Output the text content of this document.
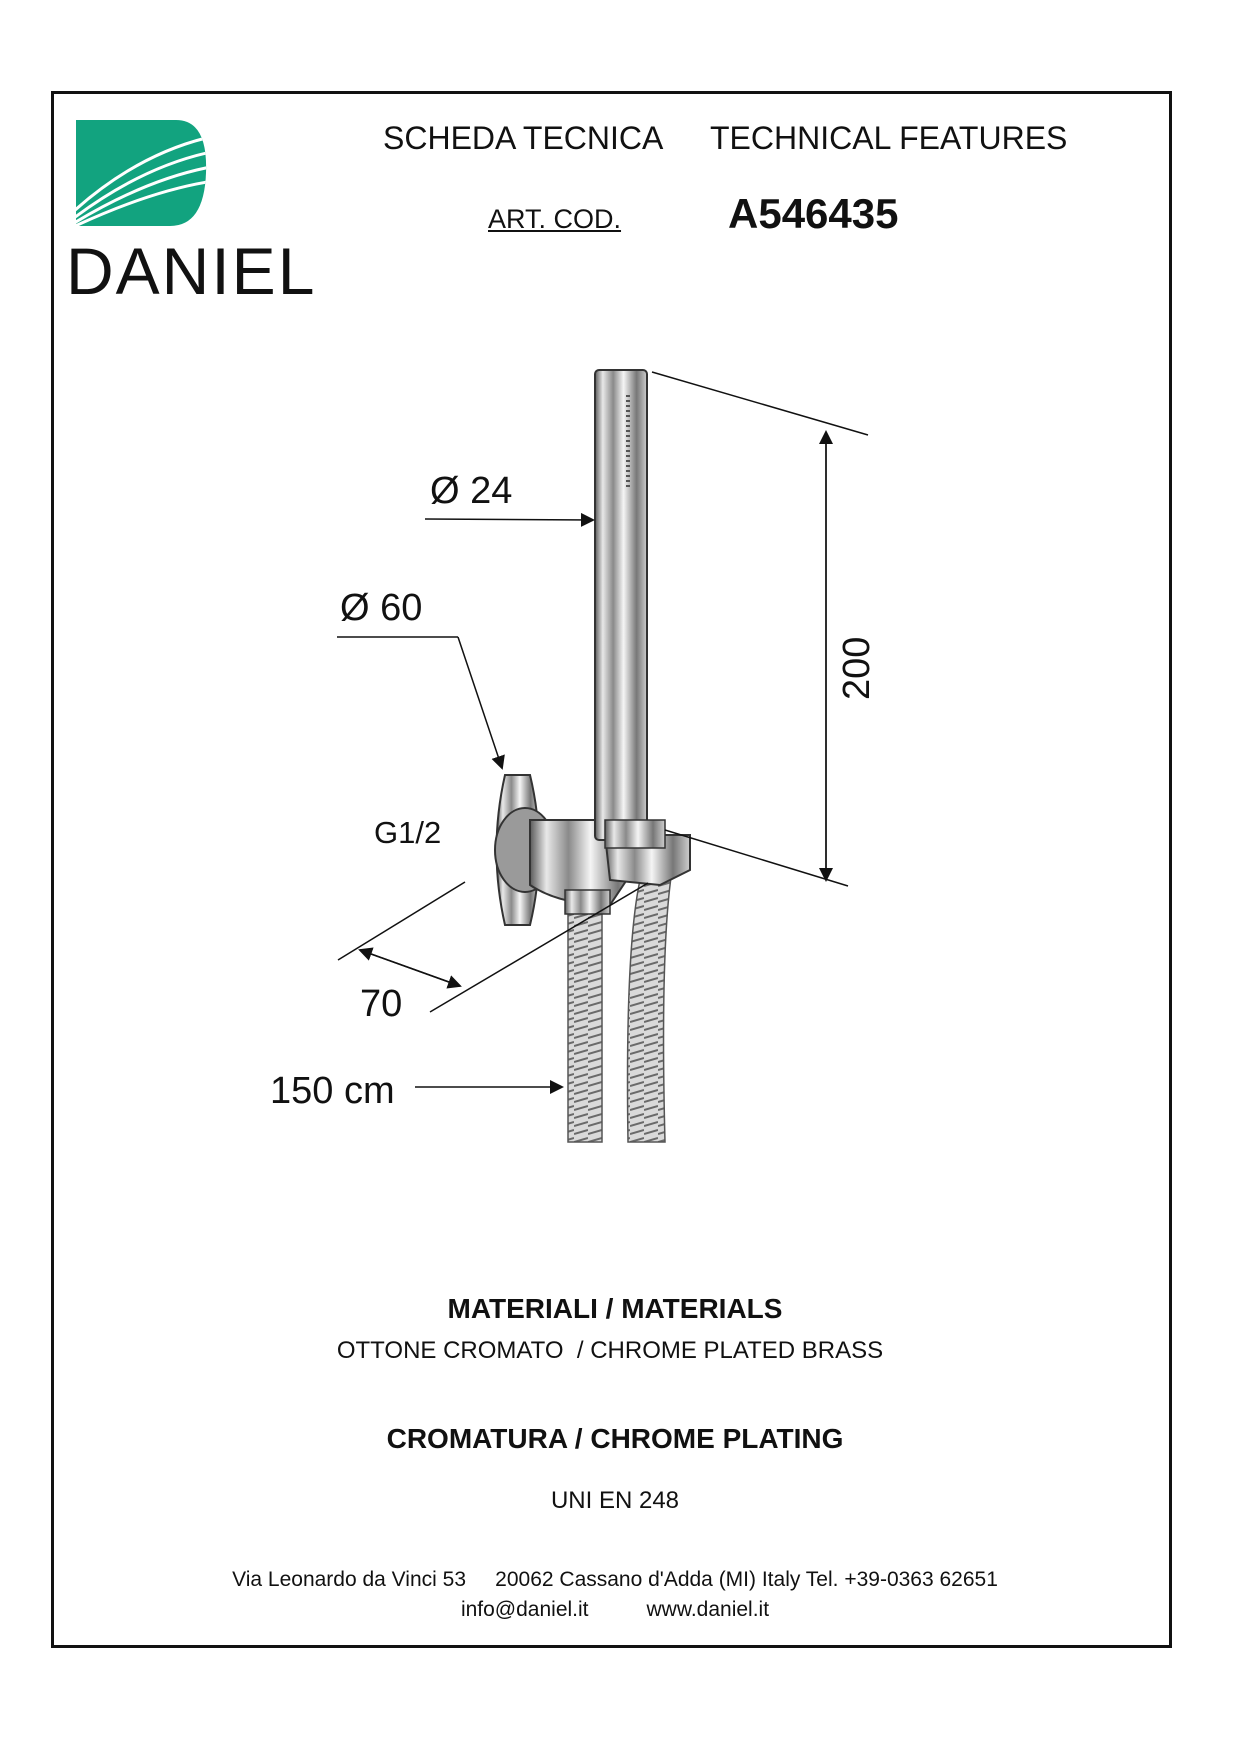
DANIEL
SCHEDA TECNICA TECHNICAL FEATURES
ART. COD.	A546435
Ø 24
Ø 60
G1/2
70
150 cm
200
MATERIALI / MATERIALS
OTTONE CROMATO  / CHROME PLATED BRASS
CROMATURA / CHROME PLATING
UNI EN 248
Via Leonardo da Vinci 53     20062 Cassano d'Adda (MI) Italy Tel. +39-0363 62651
info@daniel.it	www.daniel.it
